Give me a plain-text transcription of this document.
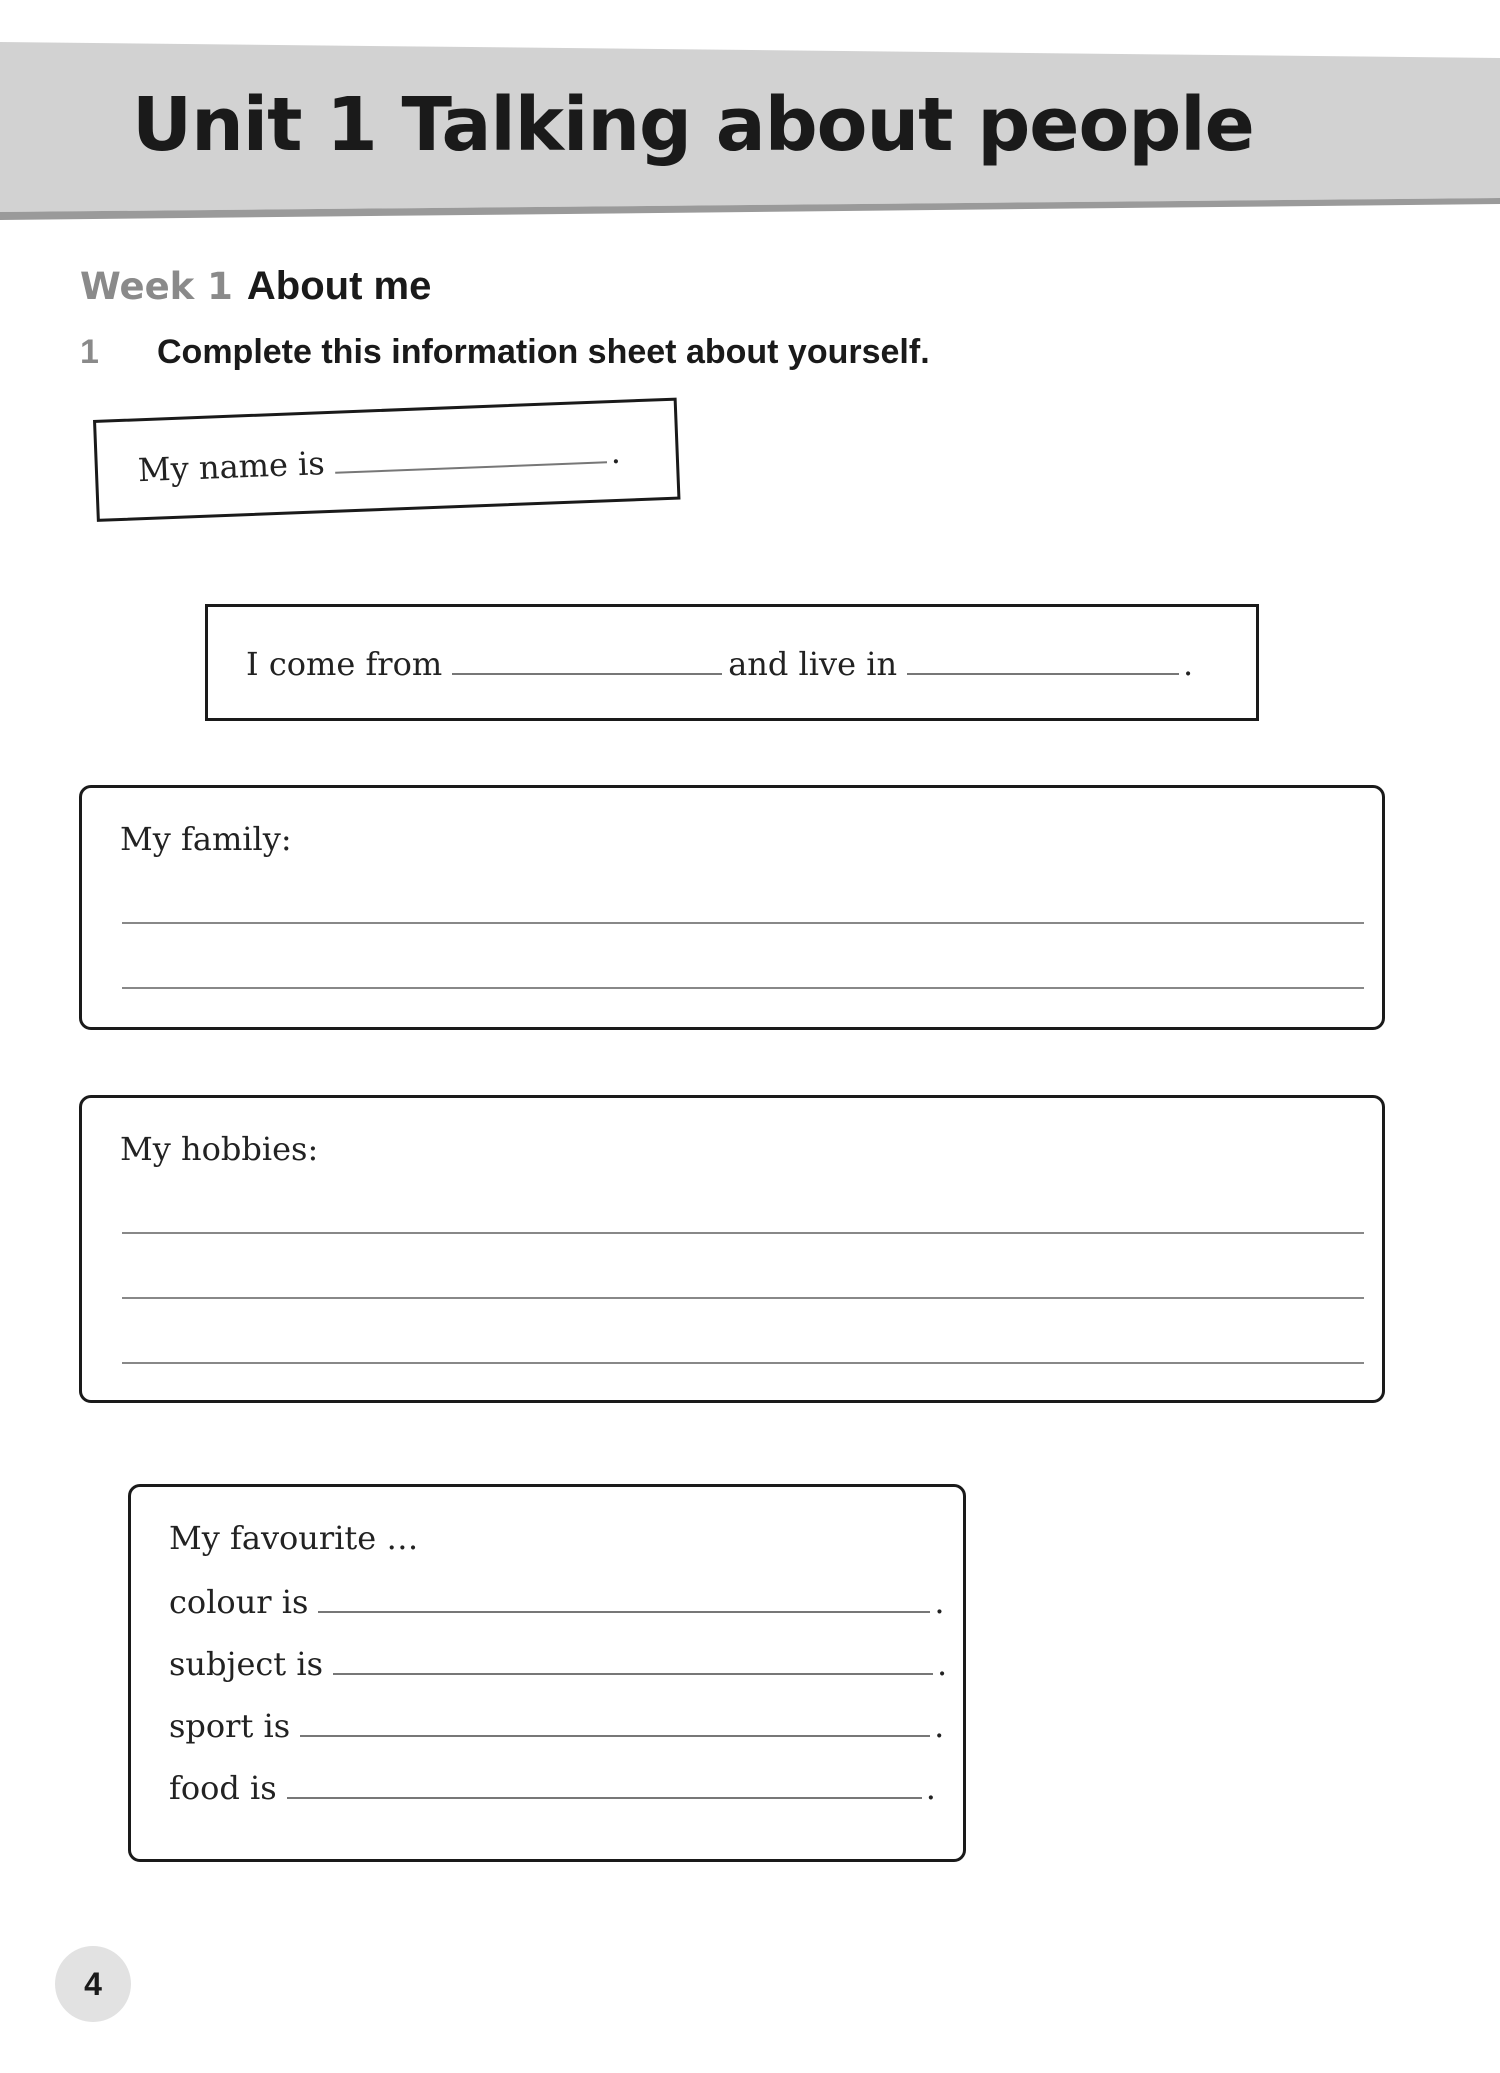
Unit 1 Talking about people
Week 1 About me
1 Complete this information sheet about yourself.
My name is	.
I come from	and live in	.
My family:
My hobbies:
My favourite …
colour is	.
subject is	.
sport is	.
food is	.
4
